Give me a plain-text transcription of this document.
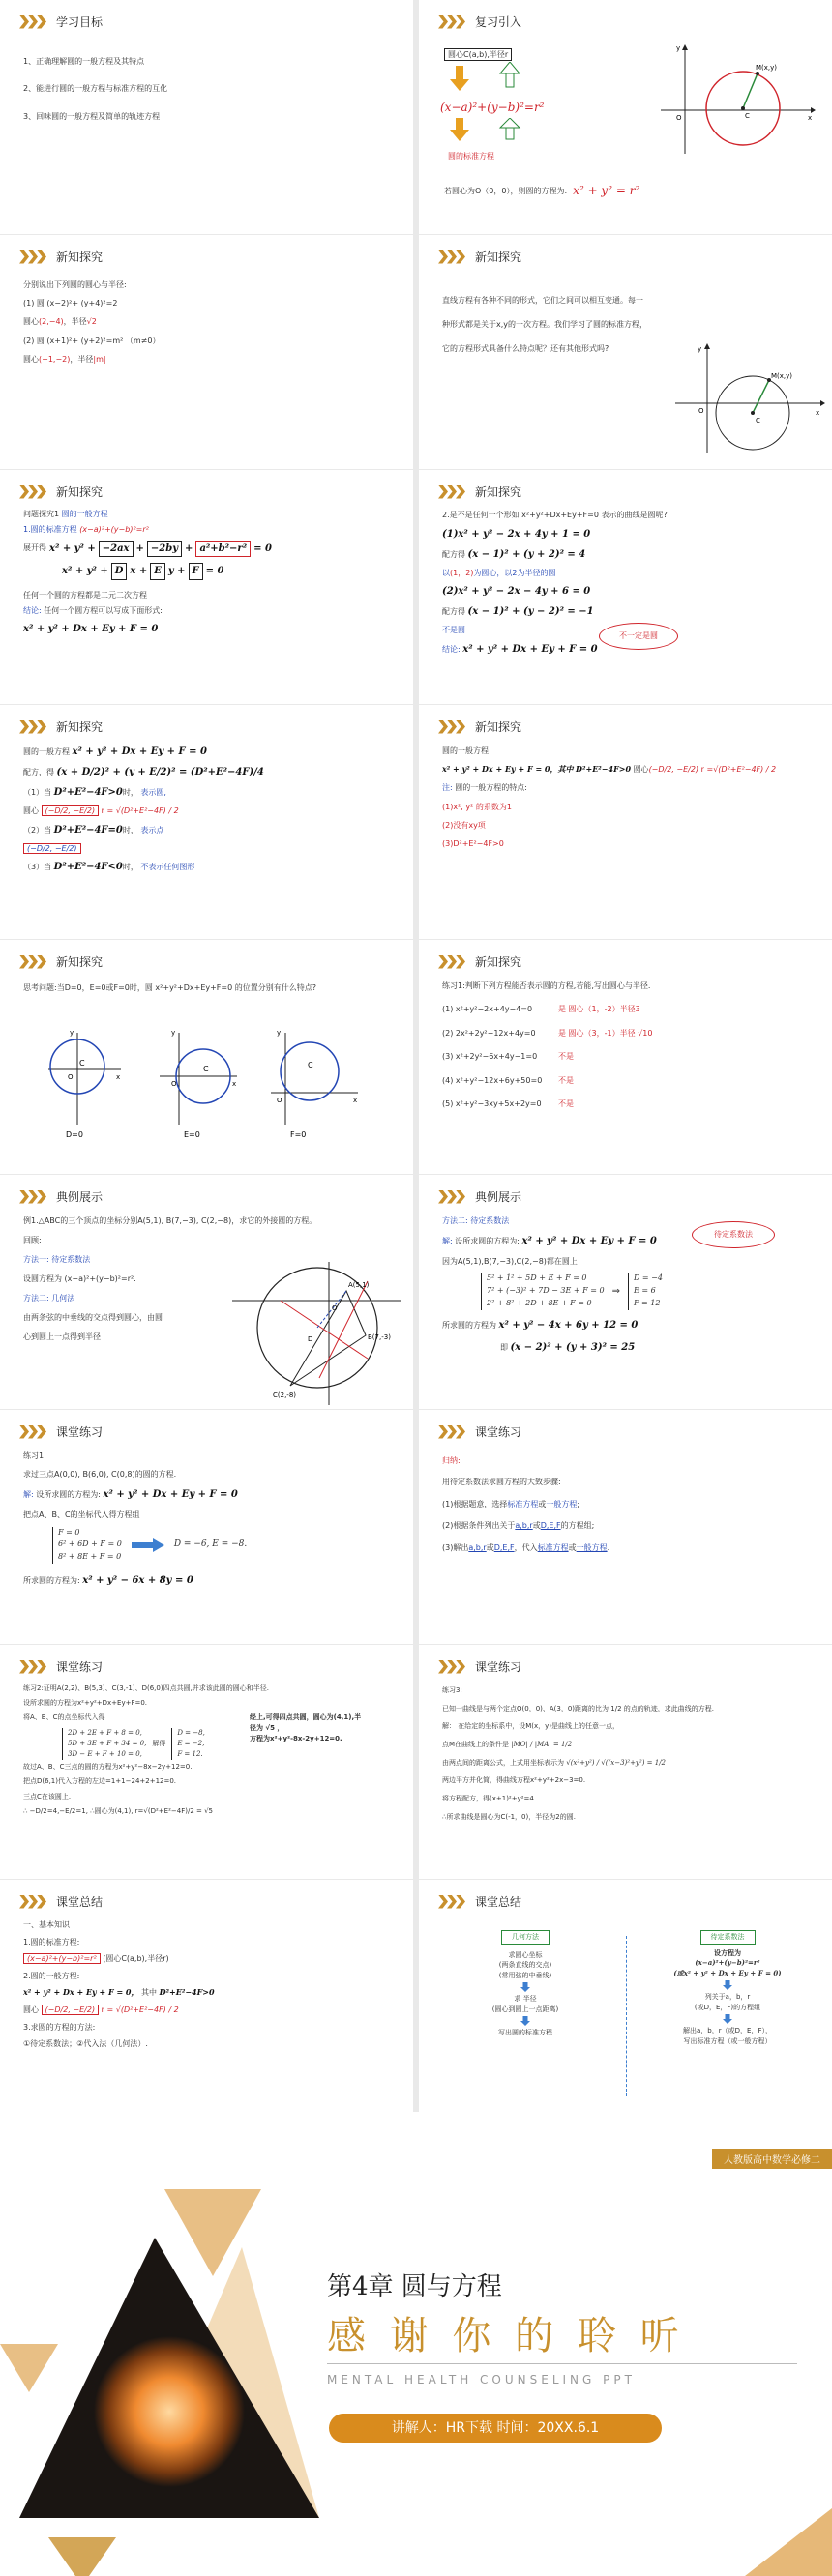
学习目标

1、正确理解圆的一般方程及其特点

2、能进行圆的一般方程与标准方程的互化

3、回味圆的一般方程及简单的轨迹方程

复习引入
圆心C(a,b),半径r
(x−a)²+(y−b)²=r²
圆的标准方程
若圆心为O（0，0），则圆的方程为: x² + y² = r²
y
x
O	C
M(x,y)
新知探究

分别说出下列圆的圆心与半径:

(1) 圆 (x−2)²+ (y+4)²=2

圆心(2,−4)，半径√2

(2) 圆 (x+1)²+ (y+2)²=m² （m≠0）

圆心(−1,−2)，半径|m|

新知探究

直线方程有各种不同的形式，它们之间可以相互变通。每一

种形式都是关于x,y的一次方程。我们学习了圆的标准方程，

它的方程形式具备什么特点呢？还有其他形式吗?	y
x
O
C
M(x,y)
新知探究

问题探究1 圆的一般方程

1.圆的标准方程 (x−a)²+(y−b)²=r²

展开得 x² + y² + −2ax + −2by + a²+b²−r² = 0

x² + y² + D x + E y + F = 0

任何一个圆的方程都是二元二次方程

结论: 任何一个圆方程可以写成下面形式:

x² + y² + Dx + Ey + F = 0

新知探究

2.是不是任何一个形如 x²+y²+Dx+Ey+F=0 表示的曲线是圆呢?

(1)x² + y² − 2x + 4y + 1 = 0

配方得 (x − 1)² + (y + 2)² = 4

以(1，2)为圆心，以2为半径的圆

(2)x² + y² − 2x − 4y + 6 = 0

配方得 (x − 1)² + (y − 2)² = −1

不是圆

结论: x² + y² + Dx + Ey + F = 0

不一定是圆
新知探究

圆的一般方程 x² + y² + Dx + Ey + F = 0

配方，得 (x + D/2)² + (y + E/2)² = (D²+E²−4F)/4

（1）当 D²+E²−4F>0时， 表示圆,

圆心 (−D/2, −E/2) r = √(D²+E²−4F) / 2

（2）当 D²+E²−4F=0时， 表示点

(−D/2, −E/2)

（3）当 D²+E²−4F<0时， 不表示任何图形

新知探究

圆的一般方程

x² + y² + Dx + Ey + F = 0，其中 D²+E²−4F>0 圆心(−D/2, −E/2) r =√(D²+E²−4F) / 2

注: 圆的一般方程的特点:

(1)x², y² 的系数为1

(2)没有xy项

(3)D²+E²−4F>0

新知探究

思考问题:当D=0，E=0或F=0时，圆 x²+y²+Dx+Ey+F=0 的位置分别有什么特点?

C
O	x
y
D=0
C
O	x
y
E=0
C
O	x
y
F=0
新知探究

练习1:判断下列方程能否表示圆的方程,若能,写出圆心与半径.

(1) x²+y²−2x+4y−4=0	是 圆心（1，-2）半径3
(2) 2x²+2y²−12x+4y=0	是 圆心（3，-1）半径 √10
(3) x²+2y²−6x+4y−1=0	不是
(4) x²+y²−12x+6y+50=0	不是
(5) x²+y²−3xy+5x+2y=0	不是
典例展示

例1.△ABC的三个顶点的坐标分别A(5,1), B(7,−3), C(2,−8)，求它的外接圆的方程。

回顾:

方法一: 待定系数法

设圆方程为 (x−a)²+(y−b)²=r².

方法二: 几何法

由两条弦的中垂线的交点得到圆心，由圆

心到圆上一点得到半径

A(5,1)
B(7,-3)
C(2,-8)
D
O
典例展示

方法二: 待定系数法

解: 设所求圆的方程为: x² + y² + Dx + Ey + F = 0

因为A(5,1),B(7,−3),C(2,−8)都在圆上

5² + 1² + 5D + E + F = 0
7² + (−3)² + 7D − 3E + F = 0
2² + 8² + 2D + 8E + F = 0
⇒
D = −4
E = 6
F = 12

所求圆的方程为 x² + y² − 4x + 6y + 12 = 0

即 (x − 2)² + (y + 3)² = 25

待定系数法
课堂练习

练习1:

求过三点A(0,0), B(6,0), C(0,8)的圆的方程.

解: 设所求圆的方程为: x² + y² + Dx + Ey + F = 0

把点A、B、C的坐标代入得方程组

F = 0
6² + 6D + F = 0
8² + 8E + F = 0
D = −6, E = −8.

所求圆的方程为: x² + y² − 6x + 8y = 0

课堂练习

归纳:

用待定系数法求圆方程的大致步骤:

(1)根据题意，选择标准方程或一般方程;

(2)根据条件列出关于a,b,r或D,E,F的方程组;

(3)解出a,b,r或D,E,F，代入标准方程或一般方程.

课堂练习

练习2:证明A(2,2)、B(5,3)、C(3,-1)、D(6,0)四点共圆,并求该此圆的圆心和半径.

设所求圆的方程为x²+y²+Dx+Ey+F=0.

将A、B、C的点坐标代入得

2D + 2E + F + 8 = 0,
5D + 3E + F + 34 = 0,
3D − E + F + 10 = 0,
解得
D = −8,
E = −2,
F = 12.

故过A、B、C三点的圆的方程为x²+y²−8x−2y+12=0.

把点D(6,1)代入方程的左边=1+1−24+2+12=0.

三点C在该圆上.

∴ −D/2=4,−E/2=1, ∴圆心为(4,1), r=√(D²+E²−4F)/2 = √5

经上,可得四点共圆，圆心为(4,1),半
径为 √5 ，
方程为x²+y²-8x-2y+12=0.
课堂练习

练习3:

已知一曲线是与两个定点O(0，0)、A(3，0)距离的比为 1/2 的点的轨迹，求此曲线的方程.

解： 在给定的坐标系中，设M(x，y)是曲线上的任意一点，

点M在曲线上的条件是 |MO| / |MA| = 1/2

由两点间的距离公式，上式用坐标表示为 √(x²+y²) / √((x−3)²+y²) = 1/2

两边平方并化简，得曲线方程x²+y²+2x−3=0.

将方程配方，得(x+1)²+y²=4.

∴所求曲线是圆心为C(-1，0)，半径为2的圆.

课堂总结

一、基本知识

1.圆的标准方程:

(x−a)²+(y−b)²=r² (圆心C(a,b),半径r)

2.圆的一般方程:

x² + y² + Dx + Ey + F = 0， 其中 D²+E²−4F>0

圆心 (−D/2, −E/2) r = √(D²+E²−4F) / 2

3.求圆的方程的方法:

①待定系数法；②代入法（几何法）.

课堂总结
几何方法
求圆心坐标
(两条直线的交点)
(常用弦的中垂线)
求 半径
(圆心到圆上一点距离)
写出圆的标准方程
待定系数法
设方程为
(x−a)²+(y−b)²=r²
(或x² + y² + Dx + Ey + F = 0)
列关于a，b，r
(或D，E，F)的方程组
解出a，b，r（或D，E，F），
写出标准方程（或一般方程）
人教版高中数学必修二
第4章 圆与方程
感 谢 你 的 聆 听
MENTAL HEALTH COUNSELING PPT
讲解人：HR下载 时间：20XX.6.1
